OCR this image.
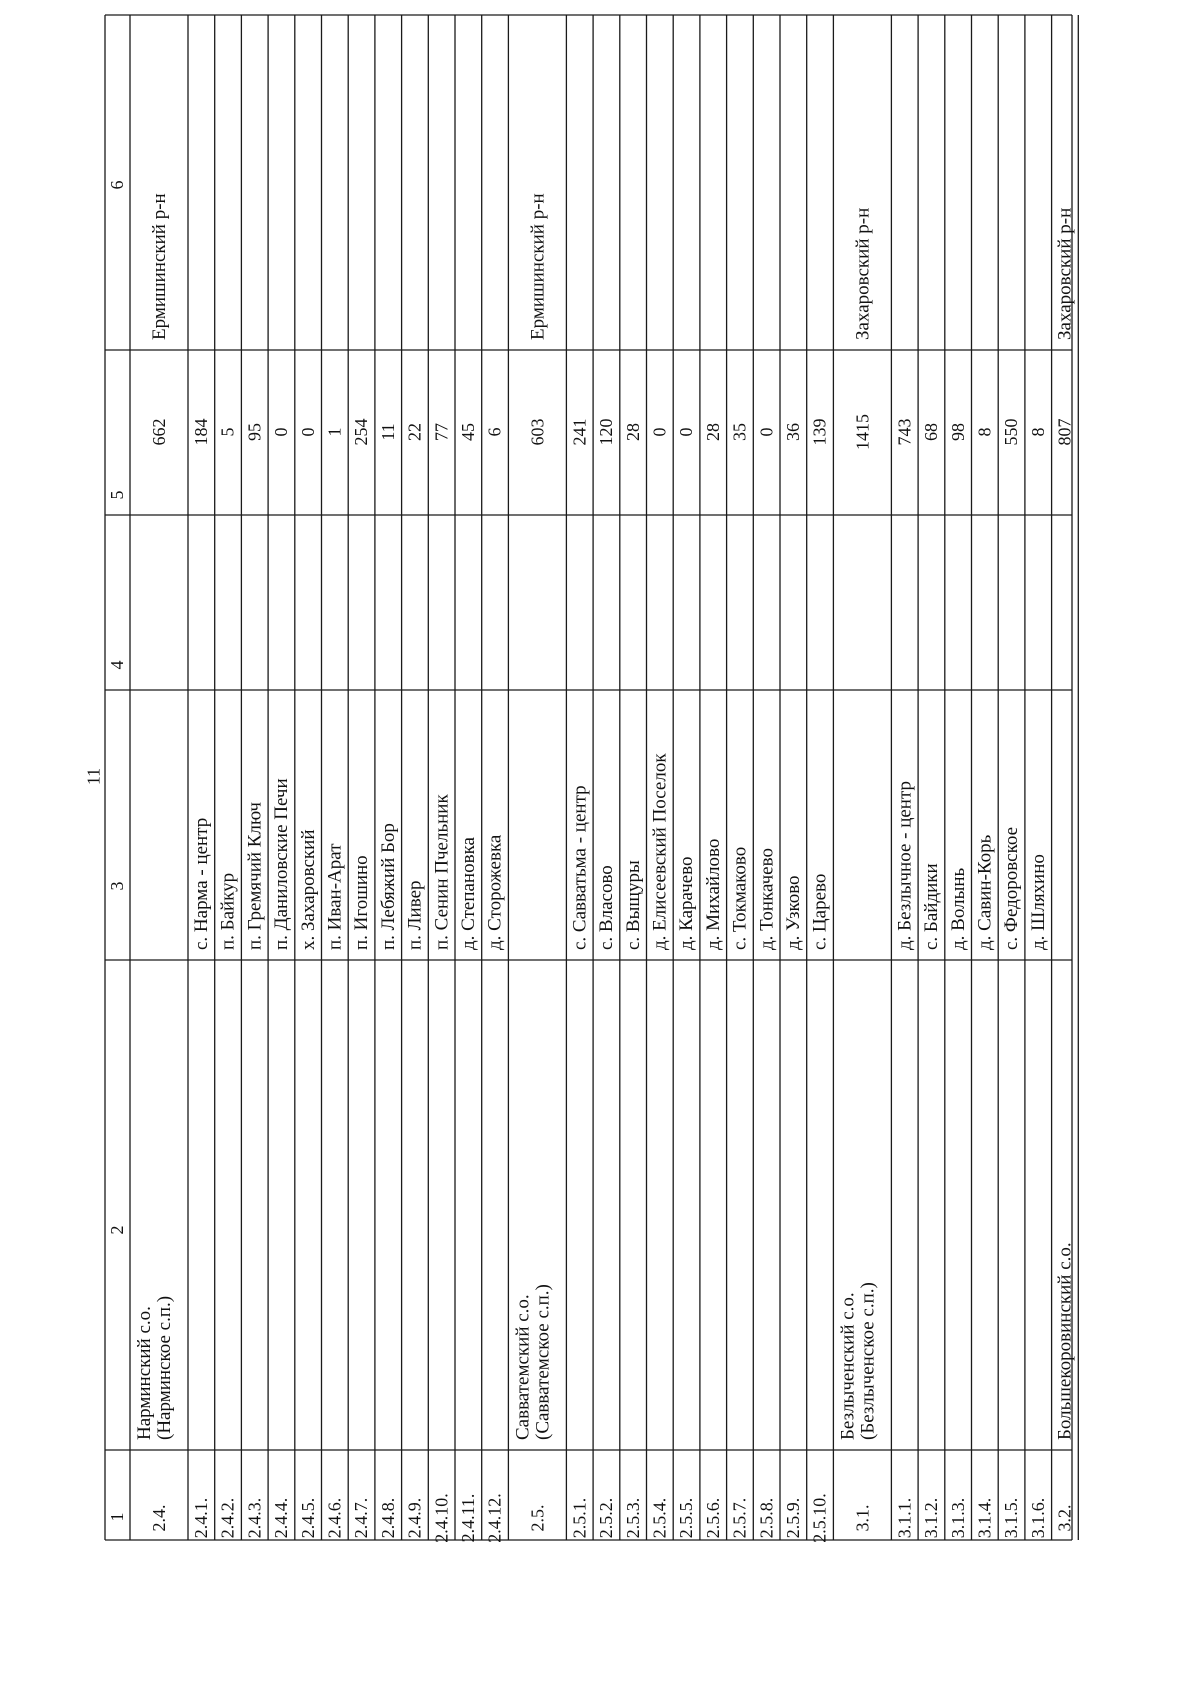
11
1
2
3
4
5
6
2.4.
Нарминский с.о. (Нарминское с.п.)
662
Ермишинский р-н
2.4.1.
с. Нарма - центр
184
2.4.2.
п. Байкур
5
2.4.3.
п. Гремячий Ключ
95
2.4.4.
п. Даниловские Печи
0
2.4.5.
х. Захаровский
0
2.4.6.
п. Иван-Арат
1
2.4.7.
п. Игошино
254
2.4.8.
п. Лебяжий Бор
11
2.4.9.
п. Ливер
22
2.4.10.
п. Сенин Пчельник
77
2.4.11.
д. Степановка
45
2.4.12.
д. Сторожевка
6
2.5.
Савватемский с.о. (Савватемское с.п.)
603
Ермишинский р-н
2.5.1.
с. Савватьма - центр
241
2.5.2.
с. Власово
120
2.5.3.
с. Выщуры
28
2.5.4.
д. Елисеевский Поселок
0
2.5.5.
д. Карачево
0
2.5.6.
д. Михайлово
28
2.5.7.
с. Токмаково
35
2.5.8.
д. Тонкачево
0
2.5.9.
д. Узково
36
2.5.10.
с. Царево
139
3.1.
Безлыченский с.о. (Безлыченское с.п.)
1415
Захаровский р-н
3.1.1.
д. Безлычное - центр
743
3.1.2.
с. Байдики
68
3.1.3.
д. Волынь
98
3.1.4.
д. Савин-Корь
8
3.1.5.
с. Федоровское
550
3.1.6.
д. Шляхино
8
3.2.
Большекоровинский с.о.
807
Захаровский р-н
